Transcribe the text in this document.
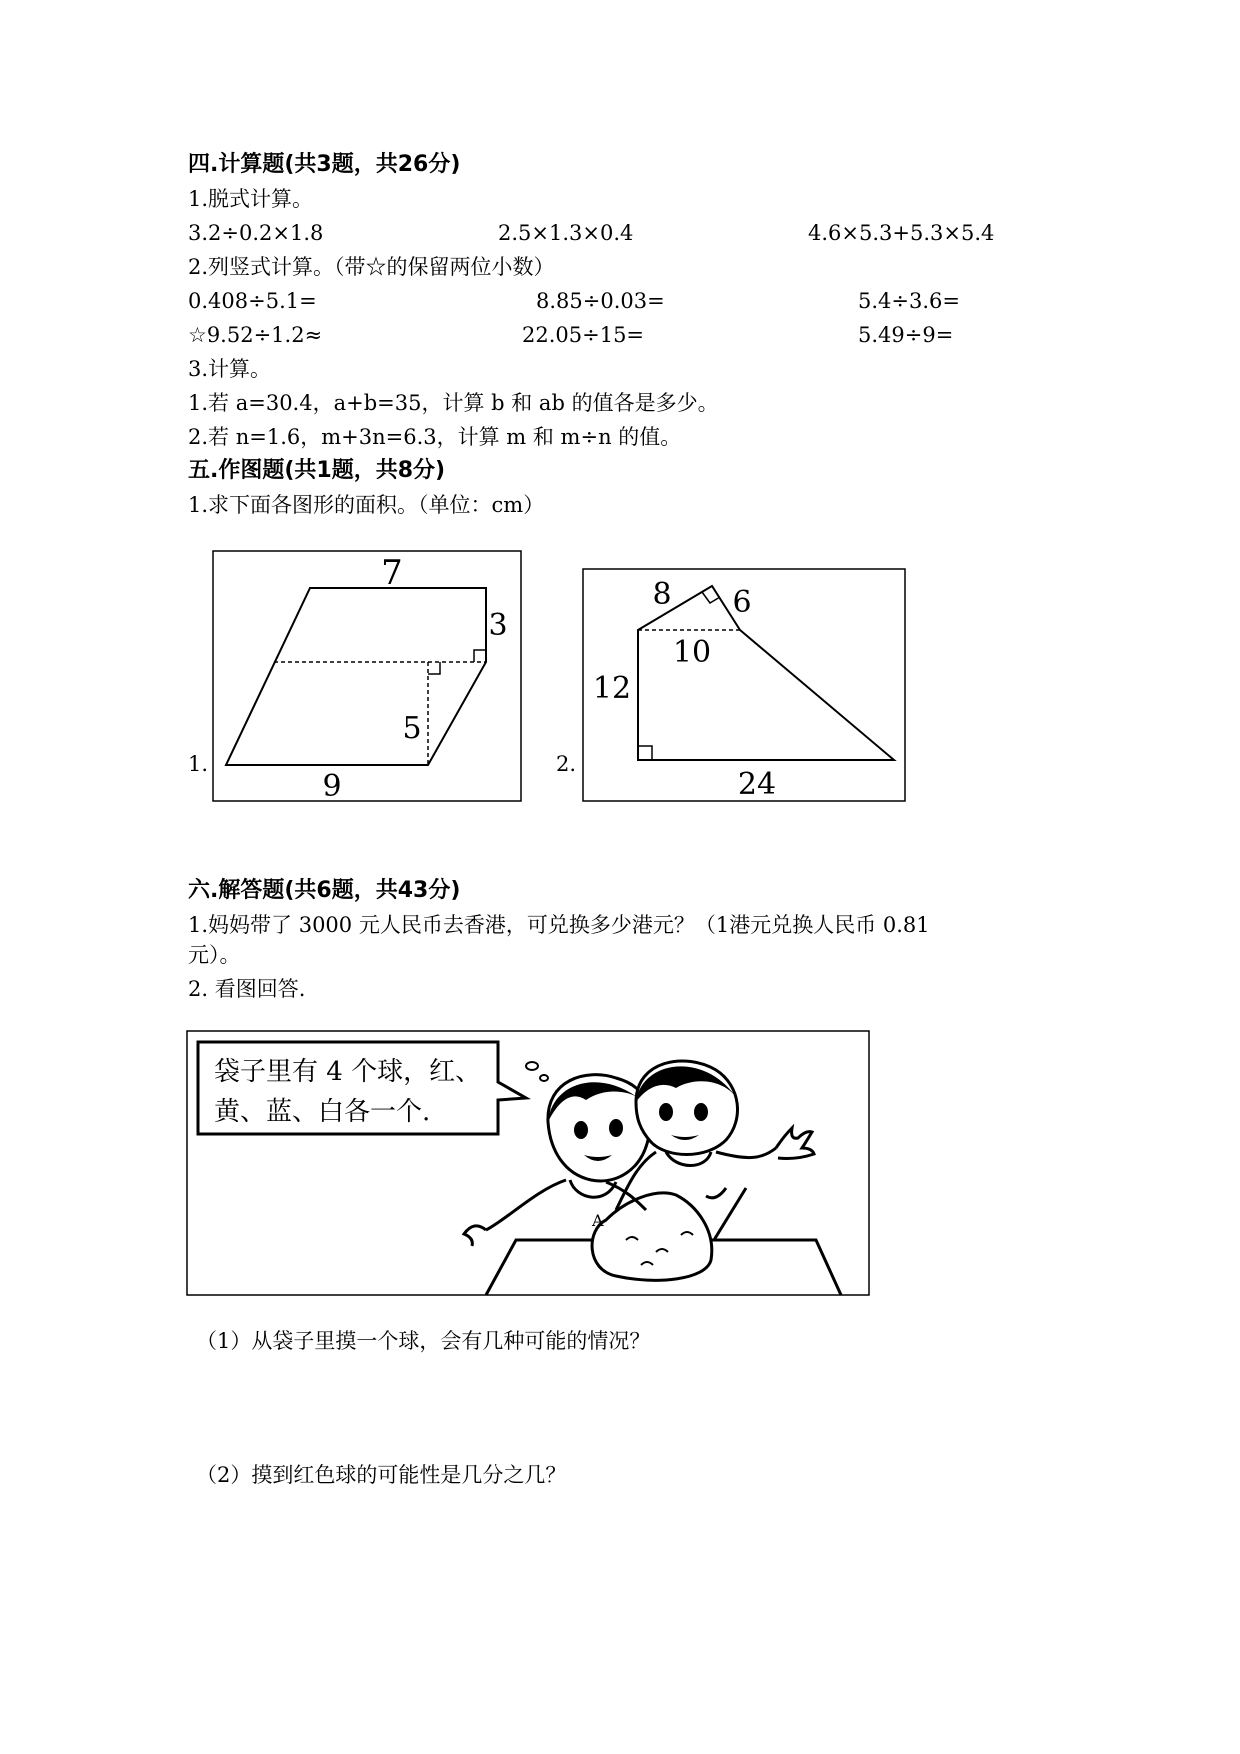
四.计算题(共3题，共26分)
1.脱式计算。
3.2÷0.2×1.8	2.5×1.3×0.4	4.6×5.3+5.3×5.4
2.列竖式计算。（带☆的保留两位小数）
0.408÷5.1=	8.85÷0.03=	5.4÷3.6=
☆9.52÷1.2≈	22.05÷15=	5.49÷9=
3.计算。
1.若 a=30.4，a+b=35，计算 b 和 ab 的值各是多少。
2.若 n=1.6，m+3n=6.3，计算 m 和 m÷n 的值。
五.作图题(共1题，共8分)
1.求下面各图形的面积。（单位：cm）
1.
7
3
5
9
2.
8 6
10
12
24
六.解答题(共6题，共43分)
1.妈妈带了 3000 元人民币去香港，可兑换多少港元？（1港元兑换人民币 0.81
元）。
2. 看图回答.
袋子里有 4 个球，红、
黄、蓝、白各一个.
A
（1）从袋子里摸一个球，会有几种可能的情况？
（2）摸到红色球的可能性是几分之几？
